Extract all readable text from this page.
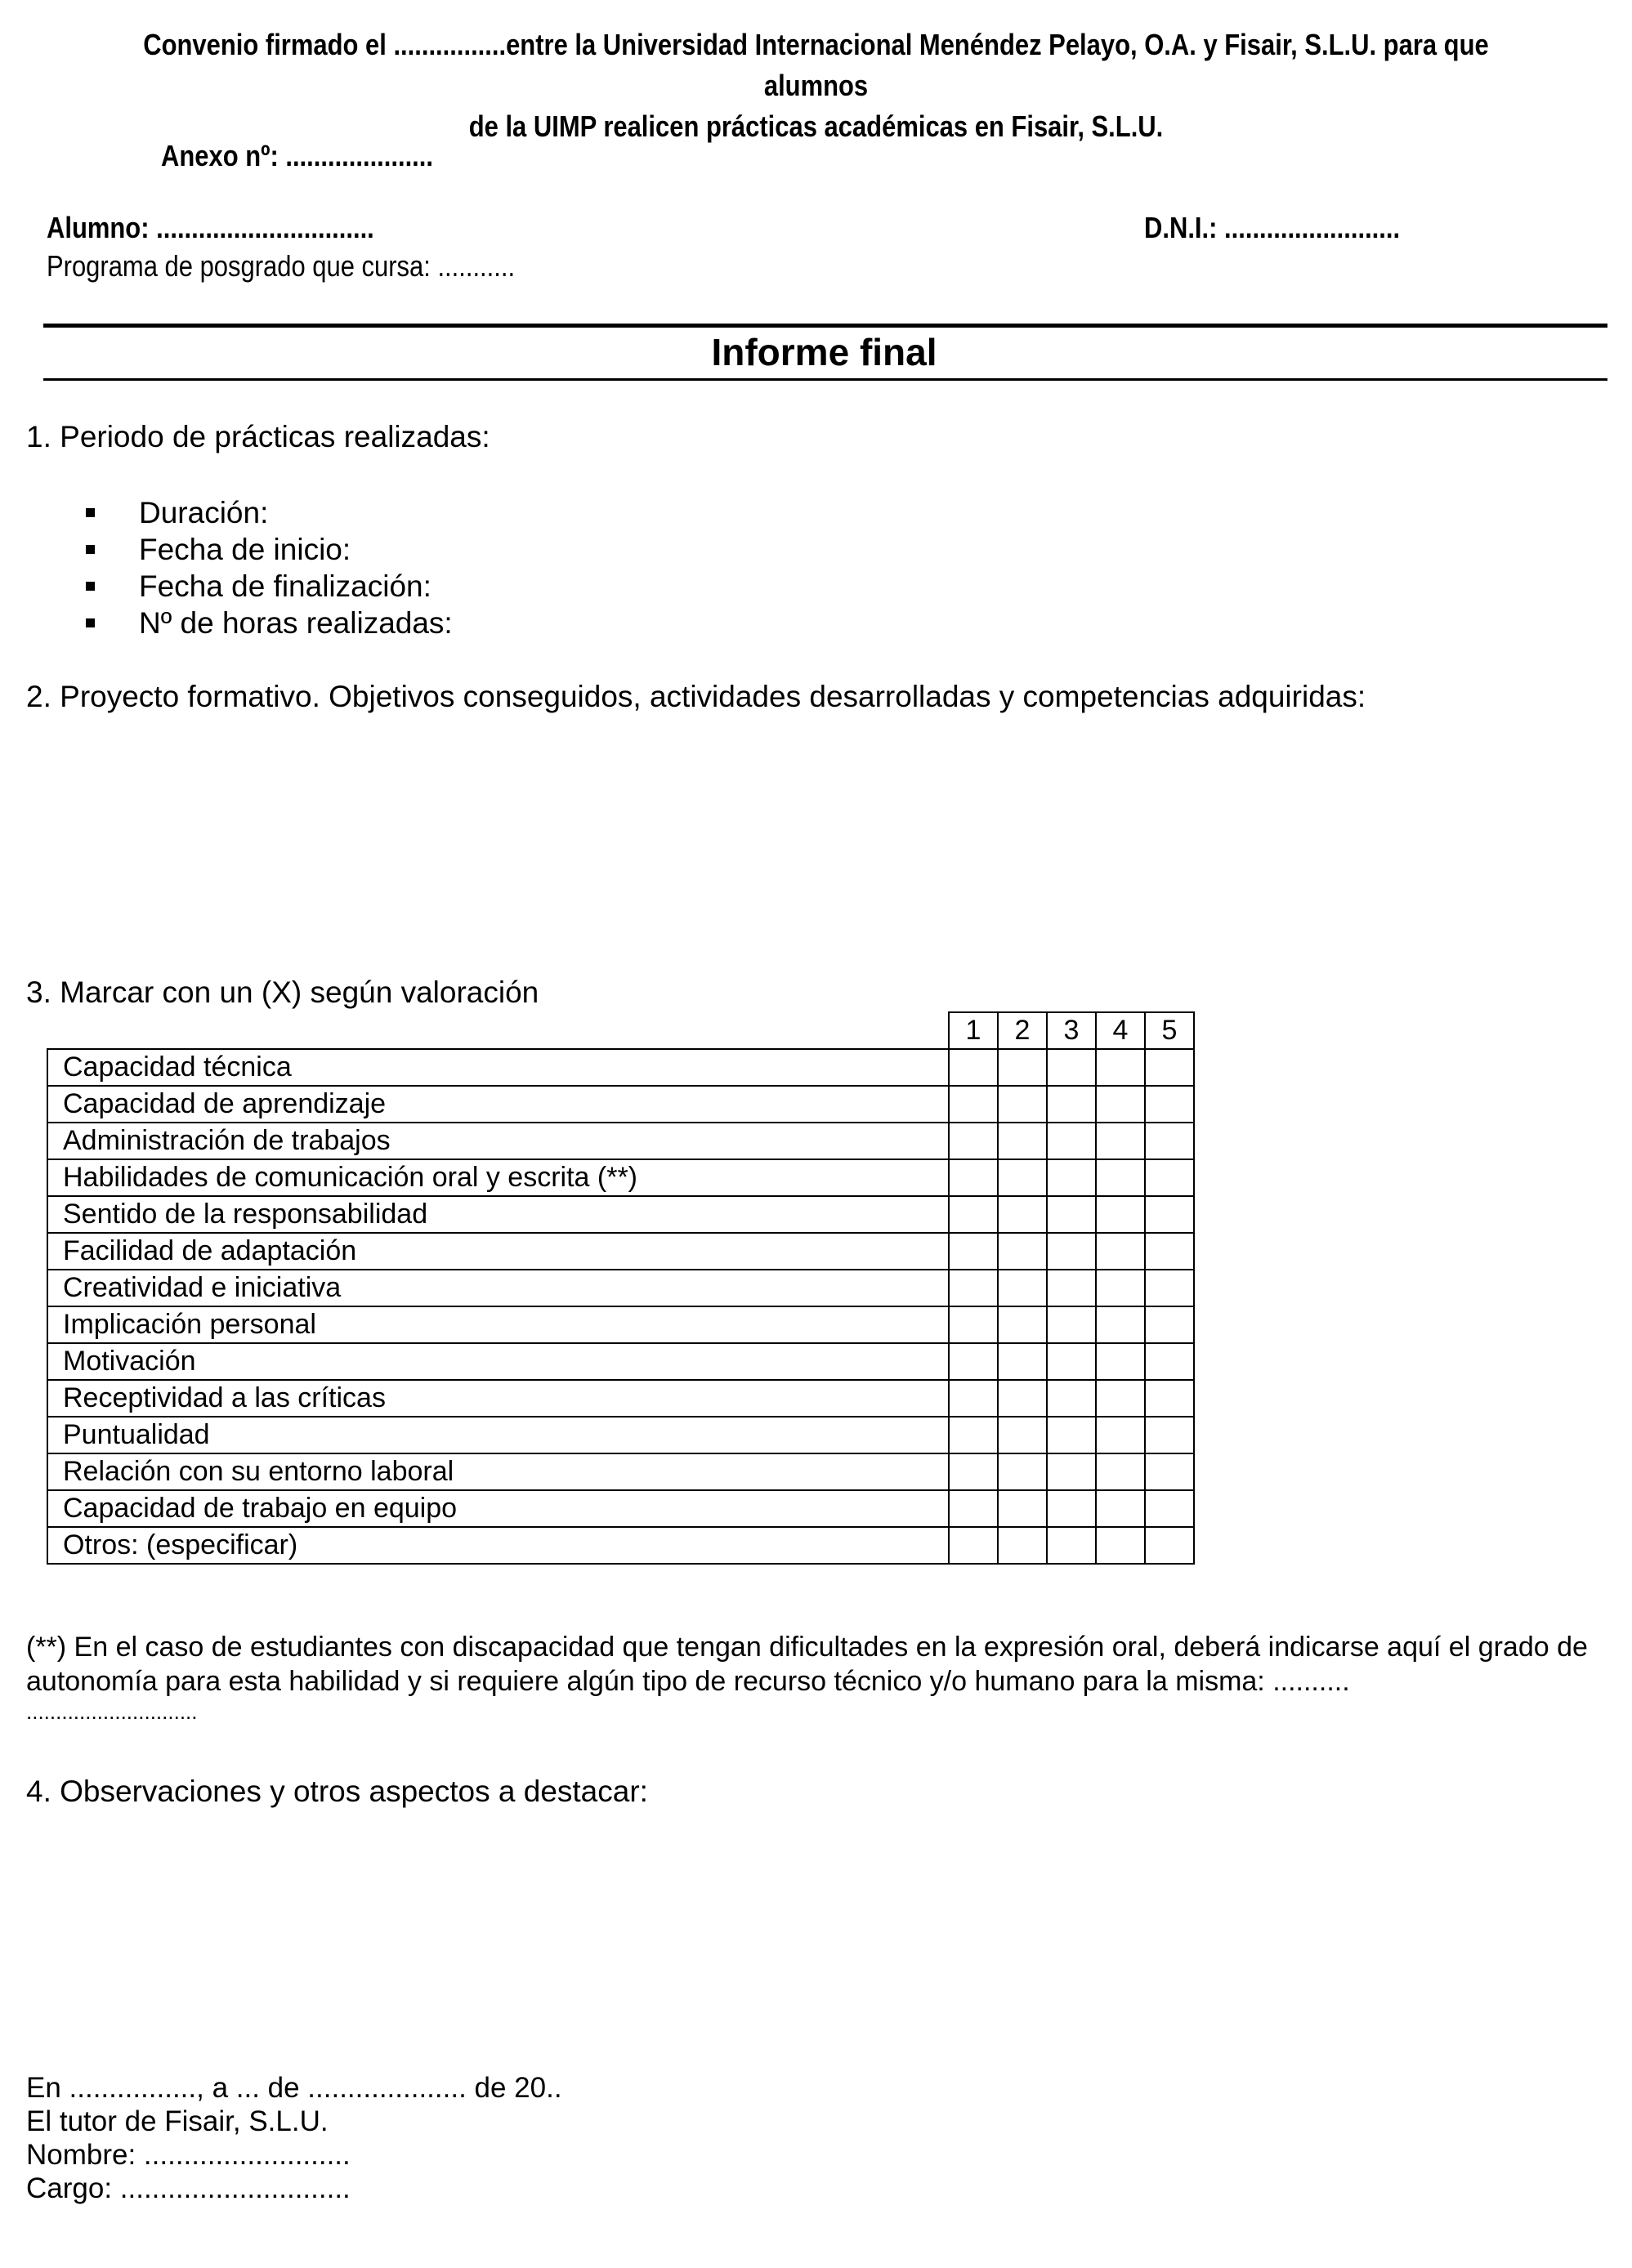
Convenio firmado el ................entre la Universidad Internacional Menéndez Pelayo, O.A. y Fisair, S.L.U. para que alumnos
de la UIMP realicen prácticas académicas en Fisair, S.L.U.
Anexo nº: .....................
Alumno: ...............................	D.N.I.: .........................
Programa de posgrado que cursa: ...........
Informe final
1. Periodo de prácticas realizadas:
Duración:
Fecha de inicio:
Fecha de finalización:
Nº de horas realizadas:
2. Proyecto formativo. Objetivos conseguidos, actividades desarrolladas y competencias adquiridas:
3. Marcar con un (X) según valoración
	1	2	3	4	5
Capacidad técnica					
Capacidad de aprendizaje					
Administración de trabajos					
Habilidades de comunicación oral y escrita (**)					
Sentido de la responsabilidad					
Facilidad de adaptación					
Creatividad e iniciativa					
Implicación personal					
Motivación					
Receptividad a las críticas					
Puntualidad					
Relación con su entorno laboral					
Capacidad de trabajo en equipo					
Otros: (especificar)					
(**) En el caso de estudiantes con discapacidad que tengan dificultades en la expresión oral, deberá indicarse aquí el grado de
autonomía para esta habilidad y si requiere algún tipo de recurso técnico y/o humano para la misma: ..........
.............................
4. Observaciones y otros aspectos a destacar:
En ................, a ... de .................... de 20..
El tutor de Fisair, S.L.U.
Nombre: ..........................
Cargo: .............................
